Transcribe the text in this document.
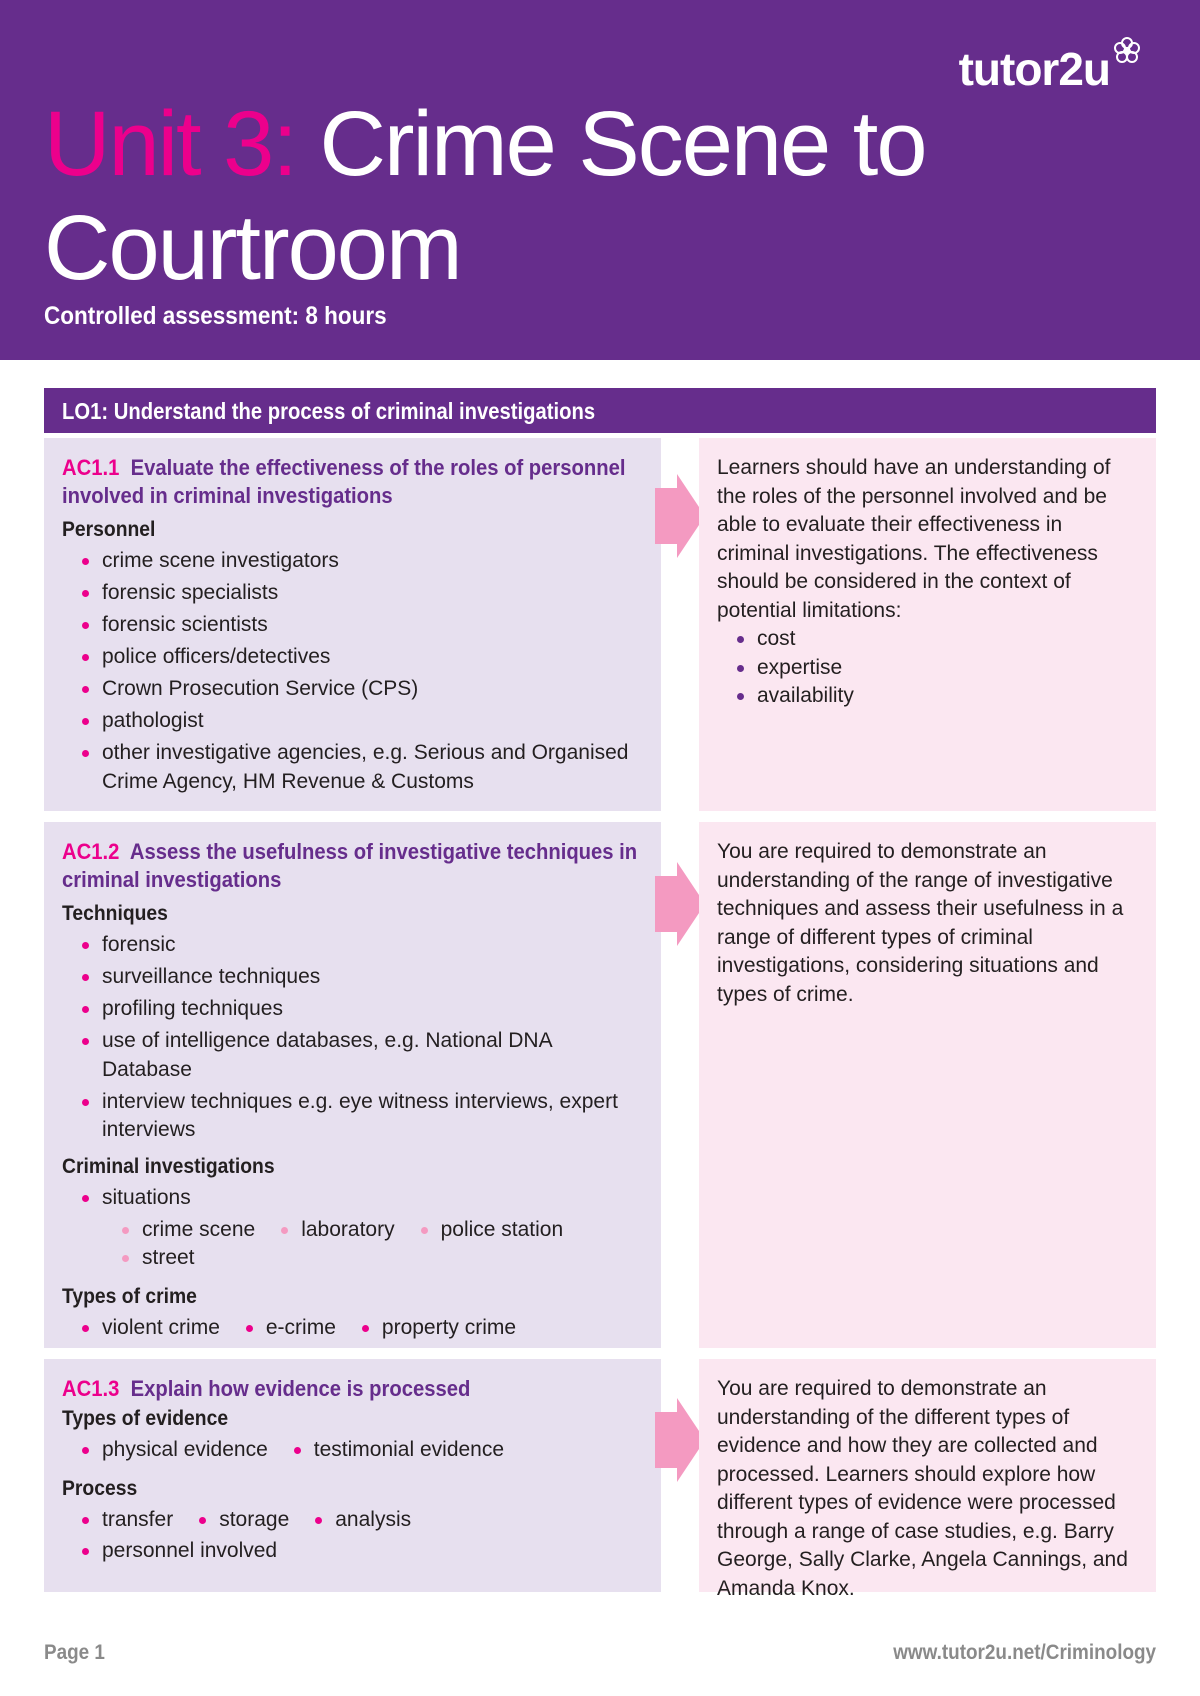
tutor2u
Unit 3: Crime Scene to Courtroom
Controlled assessment: 8 hours
LO1: Understand the process of criminal investigations
AC1.1 Evaluate the effectiveness of the roles of personnel involved in criminal investigations
Personnel
crime scene investigators
forensic specialists
forensic scientists
police officers/detectives
Crown Prosecution Service (CPS)
pathologist
other investigative agencies, e.g. Serious and Organised Crime Agency, HM Revenue & Customs

Learners should have an understanding of the roles of the personnel involved and be able to evaluate their effectiveness in criminal investigations. The effectiveness should be considered in the context of potential limitations:

cost
expertise
availability
AC1.2 Assess the usefulness of investigative techniques in criminal investigations
Techniques
forensic
surveillance techniques
profiling techniques
use of intelligence databases, e.g. National DNA Database
interview techniques e.g. eye witness interviews, expert interviews
Criminal investigations
situations
crime scene	laboratory	police station
street
Types of crime
violent crime	e-crime	property crime

You are required to demonstrate an understanding of the range of investigative techniques and assess their usefulness in a range of different types of criminal investigations, considering situations and types of crime.

AC1.3 Explain how evidence is processed
Types of evidence
physical evidence	testimonial evidence
Process
transfer	storage	analysis
personnel involved

You are required to demonstrate an understanding of the different types of evidence and how they are collected and processed. Learners should explore how different types of evidence were processed through a range of case studies, e.g. Barry George, Sally Clarke, Angela Cannings, and Amanda Knox.

Page 1	www.tutor2u.net/Criminology
